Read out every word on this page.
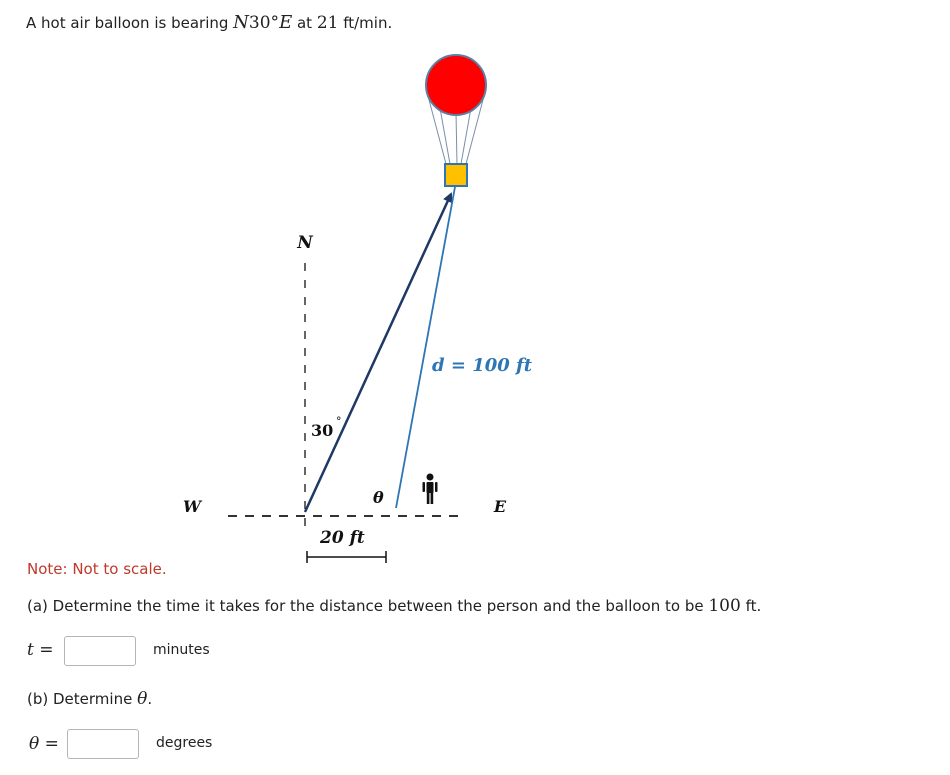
A hot air balloon is bearing N30°E at 21 ft/min.
N
W	E
30 °
θ
d = 100 ft
20 ft
Note: Not to scale.
(a) Determine the time it takes for the distance between the person and the balloon to be 100 ft.
t =	minutes
(b) Determine θ.
θ =	degrees
